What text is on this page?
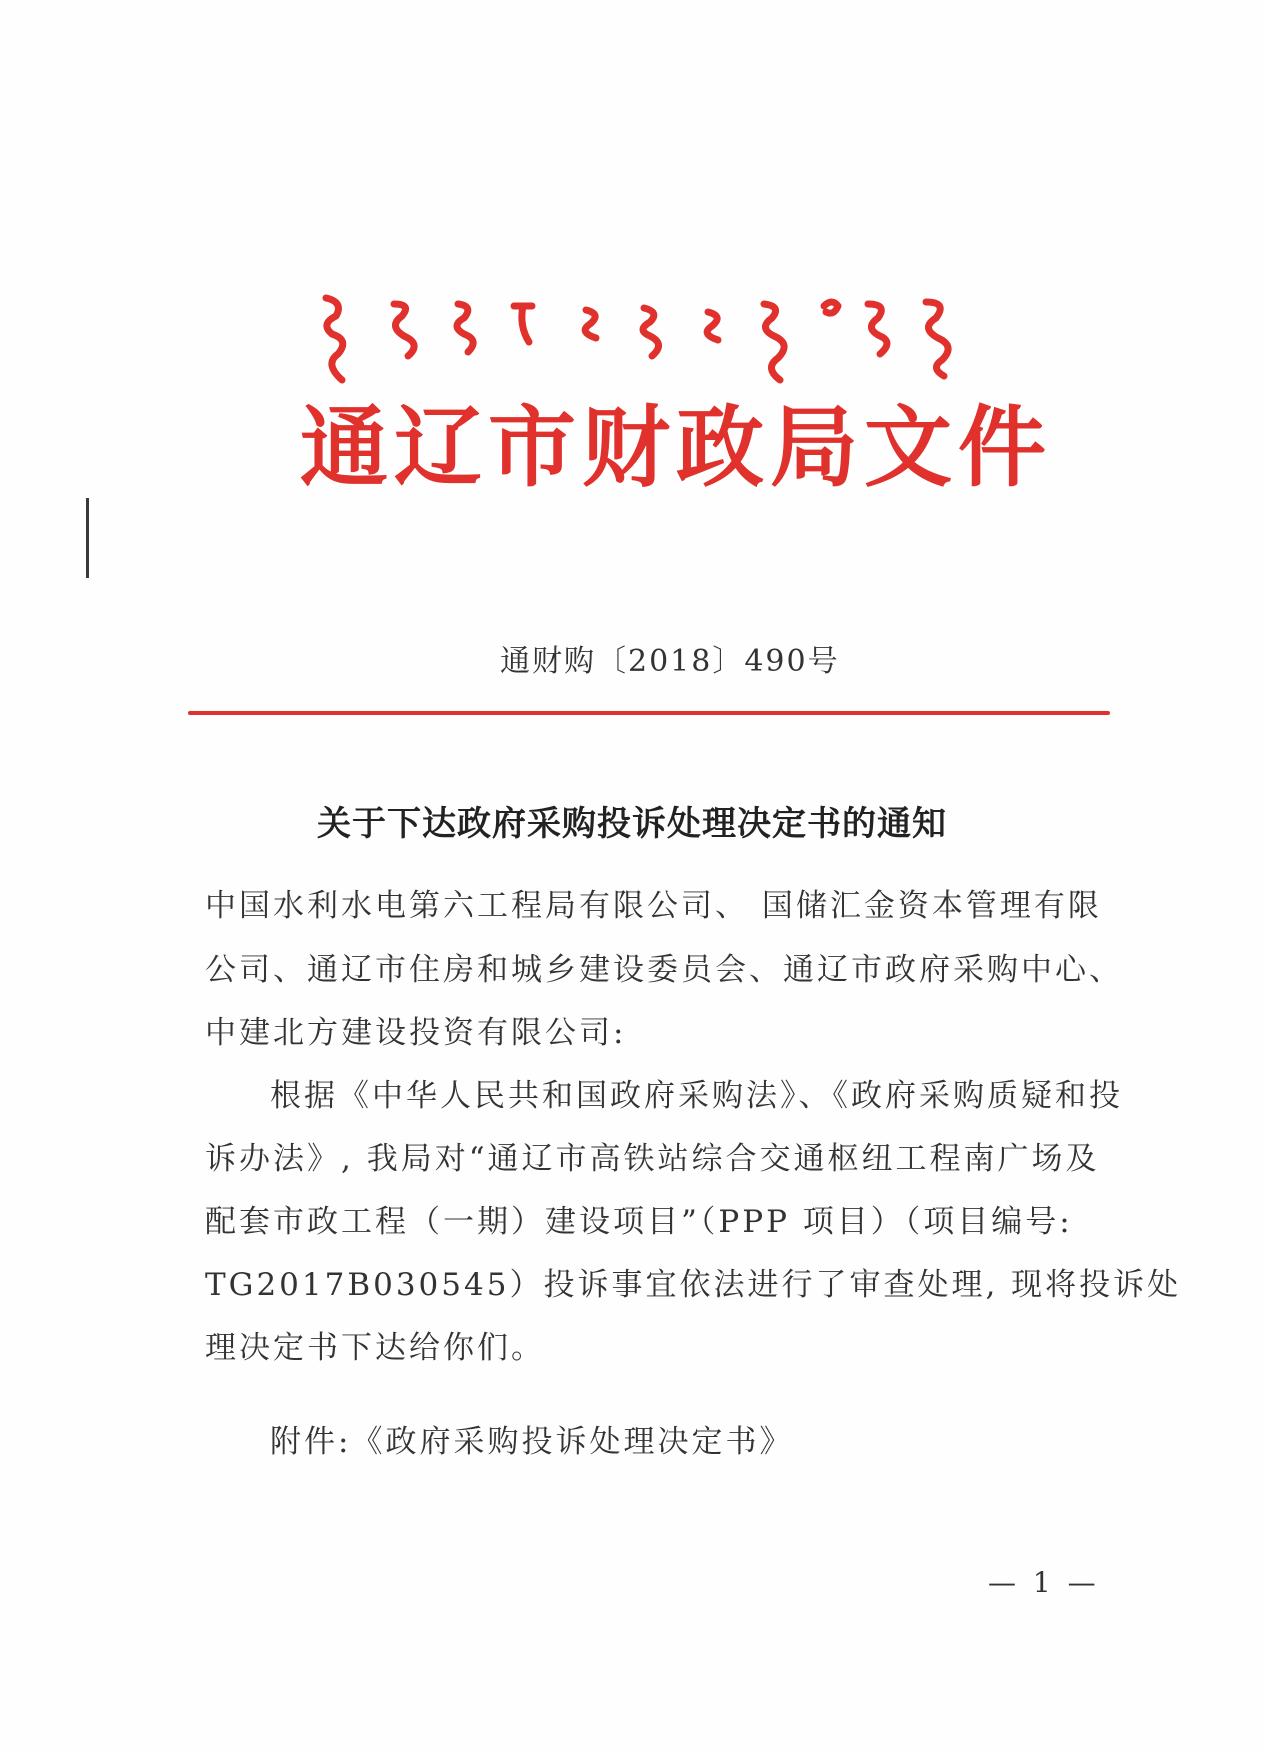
通辽市财政局文件
通财购〔2018〕490号
关于下达政府采购投诉处理决定书的通知
中国水利水电第六工程局有限公司、 国储汇金资本管理有限
公司、通辽市住房和城乡建设委员会、通辽市政府采购中心、
中建北方建设投资有限公司:
根据《中华人民共和国政府采购法》、《政府采购质疑和投
诉办法》, 我局对“通辽市高铁站综合交通枢纽工程南广场及
配套市政工程（一期）建设项目”（PPP 项目）（项目编号:
TG2017B030545）投诉事宜依法进行了审查处理, 现将投诉处
理决定书下达给你们。
附件:《政府采购投诉处理决定书》
— 1 —
